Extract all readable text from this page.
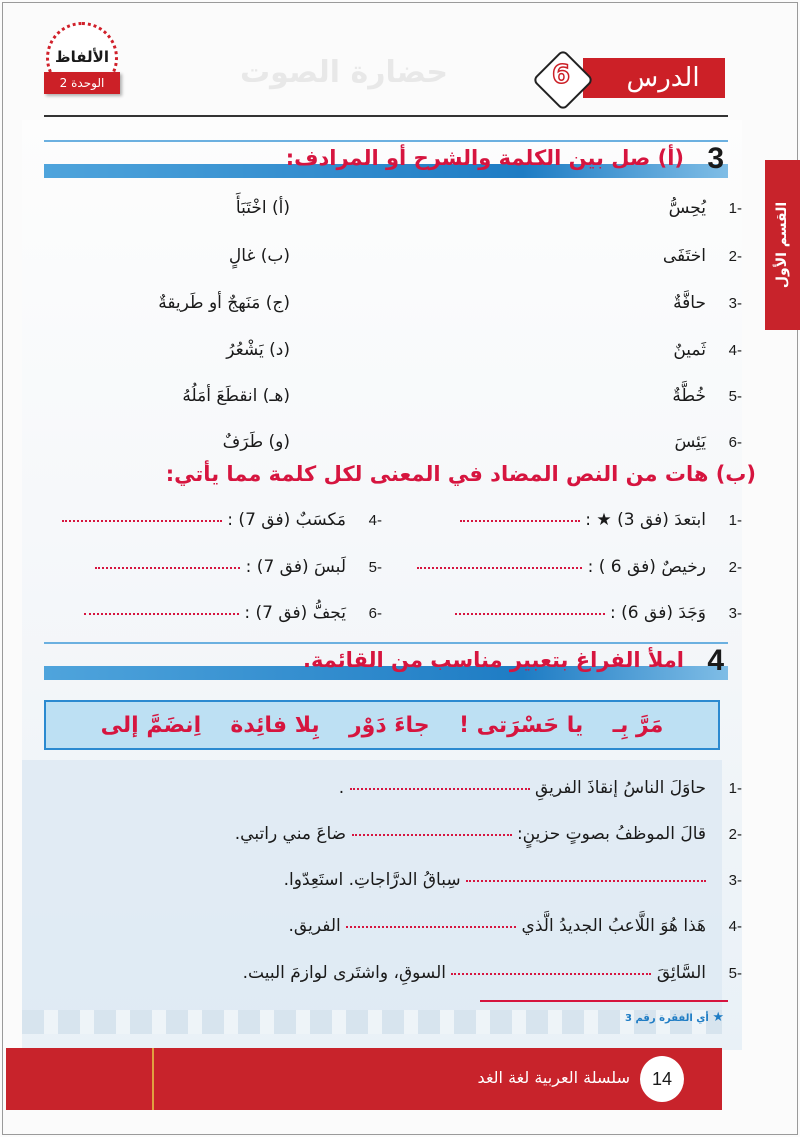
حضارة الصوت
الألفاظ
الوحدة 2	الدرس
6
القسم الأول
3
(أ) صل بين الكلمة والشرح أو المرادف:
-1يُحِسُّ
(أ) اخْتَبَأَ
-2اختَفَى
(ب) غالٍ
-3حافَّةٌ
(ج) مَنَهجٌ أو طَريقةٌ
-4ثَمينٌ
(د) يَشْعُرُ
-5خُطَّةٌ
(هـ) انقطَعَ أمَلُهُ
-6يَئِسَ
(و) طَرَفٌ
(ب) هات من النص المضاد في المعنى لكل كلمة مما يأتي:
-1ابتعدَ (فق 3) ★ :
-2رخيصٌ (فق 6 ) :
-3وَجَدَ (فق 6) :
-4مَكسَبٌ (فق 7) :
-5لَبسَ (فق 7) :
-6يَجفُّ (فق 7) :
4
املأ الفراغ بتعبير مناسب من القائمة.
مَرَّ بِـ
يا حَسْرَتى !
جاءَ دَوْر
بِلا فائِدة
اِنضَمَّ إلى
-1حاوَلَ الناسُ إنقاذَ الفريقِ  .
-2قالَ الموظفُ بصوتٍ حزينٍ:  ضاعَ مني راتبي.
-3 سِباقُ الدرَّاجاتِ. استَعِدّوا.
-4هَذا هُوَ اللَّاعبُ الجديدُ الَّذي  الفريق.
-5السَّائِقَ  السوقِ، واشتَرى لوازمَ البيت.
★ أي الفقرة رقم 3
14
سلسلة العربية لغة الغد
